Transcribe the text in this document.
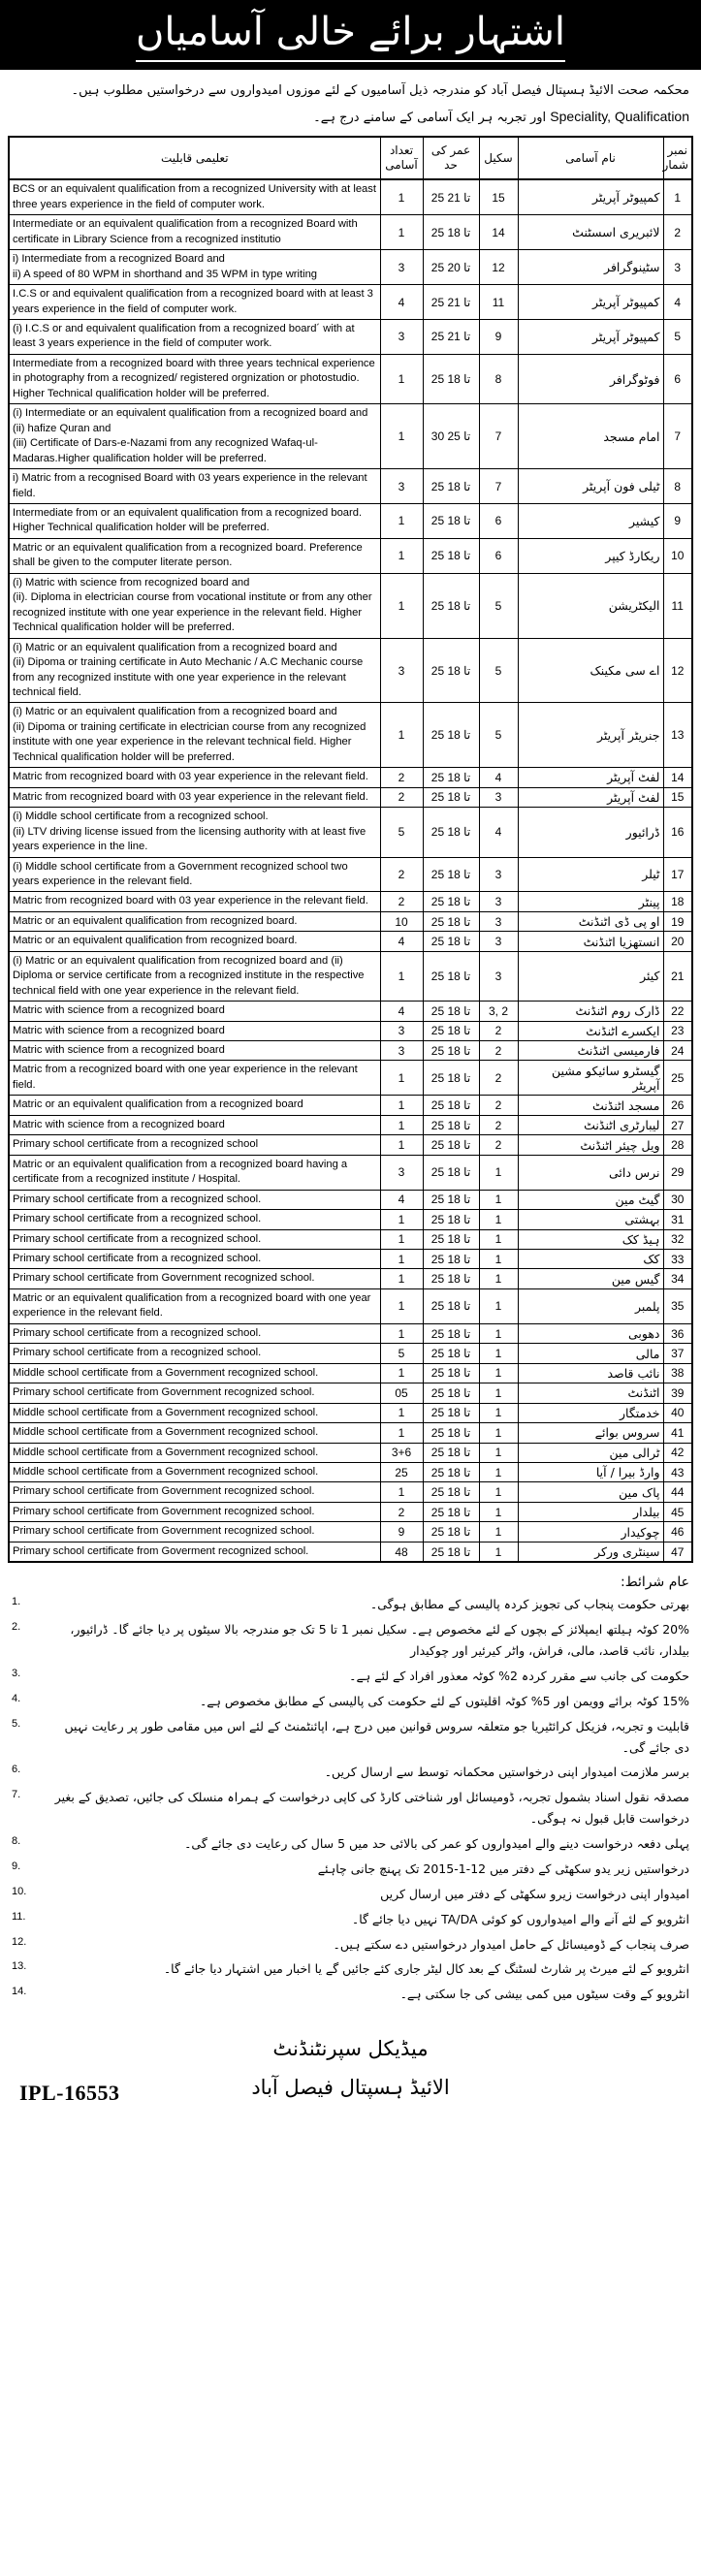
اشتہار برائے خالی آسامیاں
محکمہ صحت الائیڈ ہسپتال فیصل آباد کو مندرجہ ذیل آسامیوں کے لئے موزوں امیدواروں سے درخواستیں مطلوب ہیں۔
Speciality, Qualification اور تجربہ ہر ایک آسامی کے سامنے درج ہے۔
تعلیمی قابلیت	تعداد آسامی	عمر کی حد	سکیل	نام آسامی	نمبر شمار
BCS or an equivalent qualification from a recognized University with at least three years experience in the field of computer work.	1	25 تا 21	15	کمپیوٹر آپریٹر	1
Intermediate or an equivalent qualification from a recognized Board with certificate in Library Science from a recognized institutio	1	25 تا 18	14	لائبریری اسسٹنٹ	2
i) Intermediate from a recognized Board and
ii) A speed of 80 WPM in shorthand and 35 WPM in type writing	3	25 تا 20	12	سٹینوگرافر	3
I.C.S or and equivalent qualification from a recognized board with at least 3 years experience in the field of computer work.	4	25 تا 21	11	کمپیوٹر آپریٹر	4
(i) I.C.S or and equivalent qualification from a recognized board´ with at least 3 years experience in the field of computer work.	3	25 تا 21	9	کمپیوٹر آپریٹر	5
Intermediate from a recognized board with three years technical experience in photography from a recognized/ registered orgnization or photostudio. Higher Technical qualification holder will be preferred.	1	25 تا 18	8	فوٹوگرافر	6
(i) Intermediate or an equivalent qualification from a recognized board and
(ii) hafize Quran and
(iii) Certificate of Dars-e-Nazami from any recognized Wafaq-ul-Madaras.Higher qualification holder will be preferred.	1	30 تا 25	7	امام مسجد	7
i) Matric from a recognised Board with 03 years experience in the relevant field.	3	25 تا 18	7	ٹیلی فون آپریٹر	8
Intermediate from or an equivalent qualification from a recognized board. Higher Technical qualification holder will be preferred.	1	25 تا 18	6	کیشیر	9
Matric or an equivalent qualification from a recognized board. Preference shall be given to the computer literate person.	1	25 تا 18	6	ریکارڈ کیپر	10
(i) Matric with science from recognized board and
(ii). Diploma in electrician course from vocational institute or from any other recognized institute with one year experience in the relevant field. Higher Technical qualification holder will be preferred.	1	25 تا 18	5	الیکٹریشن	11
(i) Matric or an equivalent qualification from a recognized board and
(ii) Dipoma or training certificate in Auto Mechanic / A.C Mechanic course from any recognized institute with one year experience in the relevant technical field.	3	25 تا 18	5	اے سی مکینک	12
(i) Matric or an equivalent qualification from a recognized board and
(ii) Dipoma or training certificate in electrician course from any recognized institute with one year experience in the relevant technical field. Higher Technical qualification holder will be preferred.	1	25 تا 18	5	جنریٹر آپریٹر	13
Matric from recognized board with 03 year experience in the relevant field.	2	25 تا 18	4	لفٹ آپریٹر	14
Matric from recognized board with 03 year experience in the relevant field.	2	25 تا 18	3	لفٹ آپریٹر	15
(i) Middle school certificate from a recognized school.
(ii) LTV driving license issued from the licensing authority with at least five years experience in the line.	5	25 تا 18	4	ڈرائیور	16
(i) Middle school certificate from a Government recognized school two years experience in the relevant field.	2	25 تا 18	3	ٹیلر	17
Matric from recognized board with 03 year experience in the relevant field.	2	25 تا 18	3	پینٹر	18
Matric or an equivalent qualification from recognized board.	10	25 تا 18	3	او پی ڈی اٹنڈنٹ	19
Matric or an equivalent qualification from recognized board.	4	25 تا 18	3	انستھزیا اٹنڈنٹ	20
(i) Matric or an equivalent qualification from recognized board and (ii) Diploma or service certificate from a recognized institute in the respective technical field with one year experience in the relevant field.	1	25 تا 18	3	کیئر	21
Matric with science from a recognized board	4	25 تا 18	3, 2	ڈارک روم اٹنڈنٹ	22
Matric with science from a recognized board	3	25 تا 18	2	ایکسرے اٹنڈنٹ	23
Matric with science from a recognized board	3	25 تا 18	2	فارمیسی اٹنڈنٹ	24
Matric from a recognized board with one year experience in the relevant field.	1	25 تا 18	2	گیسٹرو سائیکو مشین آپریٹر	25
Matric or an equivalent qualification from a recognized board	1	25 تا 18	2	مسجد اٹنڈنٹ	26
Matric with science from a recognized board	1	25 تا 18	2	لیبارٹری اٹنڈنٹ	27
Primary school certificate from a recognized school	1	25 تا 18	2	ویل چیئر اٹنڈنٹ	28
Matric or an equivalent qualification from a recognized board having a certificate from a recognized institute / Hospital.	3	25 تا 18	1	نرس دائی	29
Primary school certificate from a recognized school.	4	25 تا 18	1	گیٹ مین	30
Primary school certificate from a recognized school.	1	25 تا 18	1	بہشتی	31
Primary school certificate from a recognized school.	1	25 تا 18	1	ہیڈ کک	32
Primary school certificate from a recognized school.	1	25 تا 18	1	کک	33
Primary school certificate from Government recognized school.	1	25 تا 18	1	گیس مین	34
Matric or an equivalent qualification from a recognized board with one year experience in the relevant field.	1	25 تا 18	1	پلمبر	35
Primary school certificate from a recognized school.	1	25 تا 18	1	دھوبی	36
Primary school certificate from a recognized school.	5	25 تا 18	1	مالی	37
Middle school certificate from a Government recognized school.	1	25 تا 18	1	نائب قاصد	38
Primary school certificate from Government recognized school.	05	25 تا 18	1	اٹنڈنٹ	39
Middle school certificate from a Government recognized school.	1	25 تا 18	1	خدمتگار	40
Middle school certificate from a Government recognized school.	1	25 تا 18	1	سروس بوائے	41
Middle school certificate from a Government recognized school.	3+6	25 تا 18	1	ٹرالی مین	42
Middle school certificate from a Government recognized school.	25	25 تا 18	1	وارڈ بیرا / آیا	43
Primary school certificate from Government recognized school.	1	25 تا 18	1	پاک مین	44
Primary school certificate from Government recognized school.	2	25 تا 18	1	بیلدار	45
Primary school certificate from Government recognized school.	9	25 تا 18	1	چوکیدار	46
Primary school certificate from Goverment recognized school.	48	25 تا 18	1	سینٹری ورکر	47
عام شرائط:
بھرتی حکومت پنجاب کی تجویز کردہ پالیسی کے مطابق ہوگی۔
1.
20% کوٹہ ہیلتھ ایمپلائز کے بچوں کے لئے مخصوص ہے۔ سکیل نمبر 1 تا 5 تک جو مندرجہ بالا سیٹوں پر دیا جائے گا۔ ڈرائیور، بیلدار، نائب قاصد، مالی، فراش، واٹر کیرئیر اور چوکیدار
2.
حکومت کی جانب سے مقرر کردہ 2% کوٹہ معذور افراد کے لئے ہے۔
3.
15% کوٹہ برائے وویمن اور 5% کوٹہ اقلیتوں کے لئے حکومت کی پالیسی کے مطابق مخصوص ہے۔
4.
قابلیت و تجربہ، فزیکل کرائٹیریا جو متعلقہ سروس قوانین میں درج ہے، اپائنٹمنٹ کے لئے اس میں مقامی طور پر رعایت نہیں دی جائے گی۔
5.
برسر ملازمت امیدوار اپنی درخواستیں محکمانہ توسط سے ارسال کریں۔
6.
مصدقہ نقول اسناد بشمول تجربہ، ڈومیسائل اور شناختی کارڈ کی کاپی درخواست کے ہمراہ منسلک کی جائیں، تصدیق کے بغیر درخواست قابل قبول نہ ہوگی۔
7.
پہلی دفعہ درخواست دینے والے امیدواروں کو عمر کی بالائی حد میں 5 سال کی رعایت دی جائے گی۔
8.
درخواستیں زیر یدو سکھٹی کے دفتر میں 12-1-2015 تک پہنچ جانی چاہئے
9.
امیدوار اپنی درخواست زیرو سکھٹی کے دفتر میں ارسال کریں
10.
انٹرویو کے لئے آنے والے امیدواروں کو کوئی TA/DA نہیں دیا جائے گا۔
11.
صرف پنجاب کے ڈومیسائل کے حامل امیدوار درخواستیں دے سکتے ہیں۔
12.
انٹرویو کے لئے میرٹ پر شارٹ لسٹنگ کے بعد کال لیٹر جاری کئے جائیں گے یا اخبار میں اشتہار دیا جائے گا۔
13.
انٹرویو کے وقت سیٹوں میں کمی بیشی کی جا سکتی ہے۔
14.
میڈیکل سپرنٹنڈنٹ
الائیڈ ہسپتال فیصل آباد
IPL-16553
